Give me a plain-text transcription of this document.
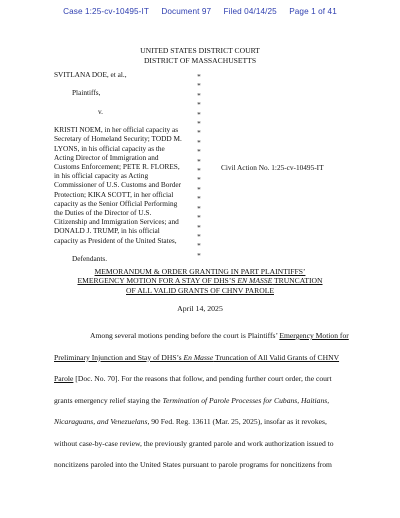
Case 1:25-cv-10495-IT Document 97 Filed 04/14/25 Page 1 of 41
UNITED STATES DISTRICT COURT
DISTRICT OF MASSACHUSETTS
SVITLANA DOE, et al.,
Plaintiffs,
v.
KRISTI NOEM, in her official capacity as
Secretary of Homeland Security; TODD M.
LYONS, in his official capacity as the
Acting Director of Immigration and
Customs Enforcement; PETE R. FLORES,
in his official capacity as Acting
Commissioner of U.S. Customs and Border
Protection; KIKA SCOTT, in her official
capacity as the Senior Official Performing
the Duties of the Director of U.S.
Citizenship and Immigration Services; and
DONALD J. TRUMP, in his official
capacity as President of the United States,
Defendants.
*
*
*
*
*
*
*
*
*
*
*
*
*
*
*
*
*
*
*
*
Civil Action No. 1:25-cv-10495-IT
MEMORANDUM & ORDER GRANTING IN PART PLAINTIFFS’
EMERGENCY MOTION FOR A STAY OF DHS’S EN MASSE TRUNCATION
OF ALL VALID GRANTS OF CHNV PAROLE
April 14, 2025
Among several motions pending before the court is Plaintiffs’ Emergency Motion for
Preliminary Injunction and Stay of DHS’s En Masse Truncation of All Valid Grants of CHNV
Parole [Doc. No. 70]. For the reasons that follow, and pending further court order, the court
grants emergency relief staying the Termination of Parole Processes for Cubans, Haitians,
Nicaraguans, and Venezuelans, 90 Fed. Reg. 13611 (Mar. 25, 2025), insofar as it revokes,
without case-by-case review, the previously granted parole and work authorization issued to
noncitizens paroled into the United States pursuant to parole programs for noncitizens from
